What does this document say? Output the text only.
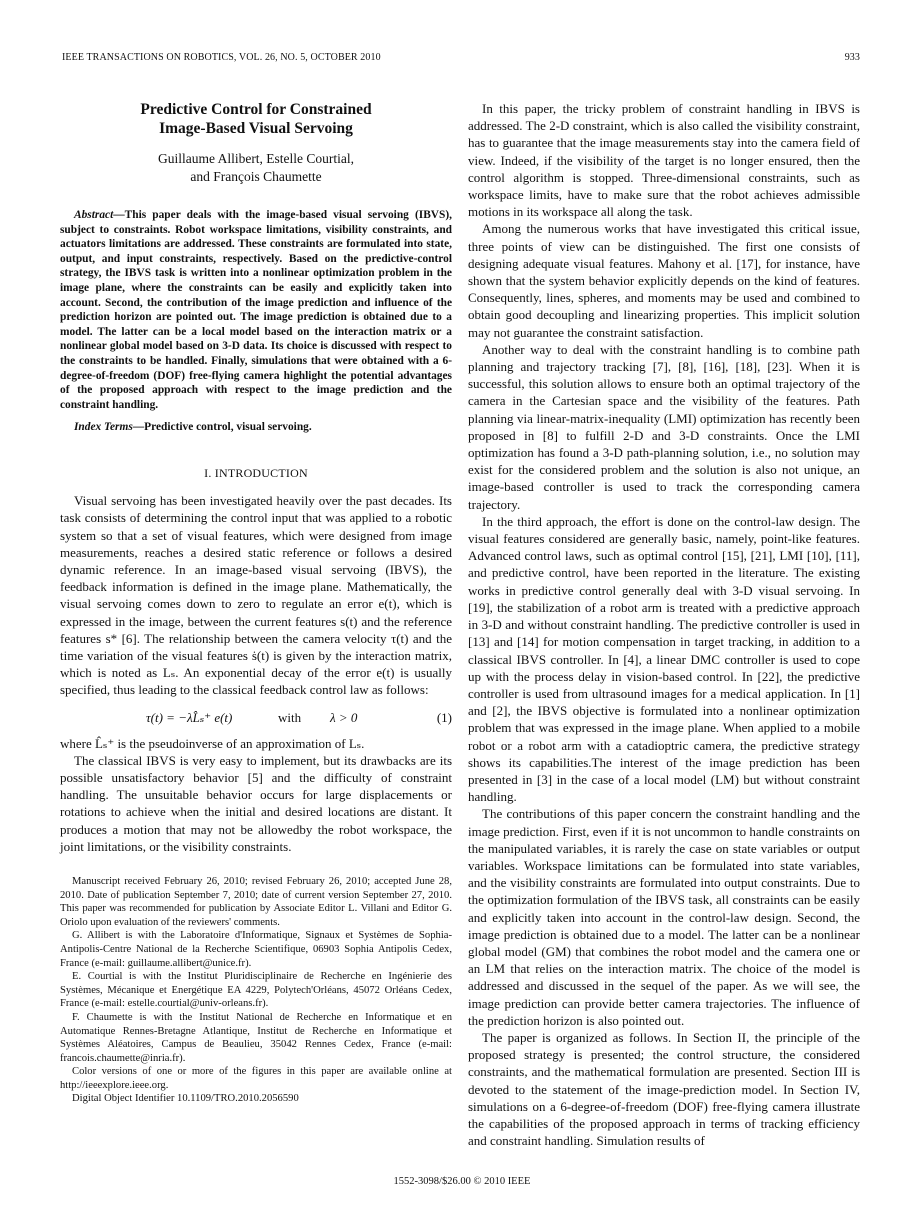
IEEE TRANSACTIONS ON ROBOTICS, VOL. 26, NO. 5, OCTOBER 2010	933
Predictive Control for Constrained
Image-Based Visual Servoing
Guillaume Allibert, Estelle Courtial,
and François Chaumette

Abstract—This paper deals with the image-based visual servoing (IBVS), subject to constraints. Robot workspace limitations, visibility constraints, and actuators limitations are addressed. These constraints are formulated into state, output, and input constraints, respectively. Based on the predictive-control strategy, the IBVS task is written into a nonlinear optimization problem in the image plane, where the constraints can be easily and explicitly taken into account. Second, the contribution of the image prediction and influence of the prediction horizon are pointed out. The image prediction is obtained due to a model. The latter can be a local model based on the interaction matrix or a nonlinear global model based on 3-D data. Its choice is discussed with respect to the constraints to be handled. Finally, simulations that were obtained with a 6-degree-of-freedom (DOF) free-flying camera highlight the potential advantages of the proposed approach with respect to the image prediction and the constraint handling.

Index Terms—Predictive control, visual servoing.

I. INTRODUCTION

Visual servoing has been investigated heavily over the past decades. Its task consists of determining the control input that was applied to a robotic system so that a set of visual features, which were designed from image measurements, reaches a desired static reference or follows a desired dynamic reference. In an image-based visual servoing (IBVS), the feedback information is defined in the image plane. Mathematically, the visual servoing comes down to zero to regulate an error e(t), which is expressed in the image, between the current features s(t) and the reference features s* [6]. The relationship between the camera velocity τ(t) and the time variation of the visual features ṡ(t) is given by the interaction matrix, which is noted as Lₛ. An exponential decay of the error e(t) is usually specified, thus leading to the classical feedback control law as follows:

τ(t) = −λL̂ₛ⁺ e(t)	with λ > 0	(1)

where L̂ₛ⁺ is the pseudoinverse of an approximation of Lₛ.

The classical IBVS is very easy to implement, but its drawbacks are its possible unsatisfactory behavior [5] and the difficulty of constraint handling. The unsuitable behavior occurs for large displacements or rotations to achieve when the initial and desired locations are distant. It produces a motion that may not be allowedby the robot workspace, the joint limitations, or the visibility constraints.

Manuscript received February 26, 2010; revised February 26, 2010; accepted June 28, 2010. Date of publication September 7, 2010; date of current version September 27, 2010. This paper was recommended for publication by Associate Editor L. Villani and Editor G. Oriolo upon evaluation of the reviewers' comments.

G. Allibert is with the Laboratoire d'Informatique, Signaux et Systèmes de Sophia-Antipolis-Centre National de la Recherche Scientifique, 06903 Sophia Antipolis Cedex, France (e-mail: guillaume.allibert@unice.fr).

E. Courtial is with the Institut Pluridisciplinaire de Recherche en Ingénierie des Systèmes, Mécanique et Energétique EA 4229, Polytech'Orléans, 45072 Orléans Cedex, France (e-mail: estelle.courtial@univ-orleans.fr).

F. Chaumette is with the Institut National de Recherche en Informatique et en Automatique Rennes-Bretagne Atlantique, Institut de Recherche en Informatique et Systèmes Aléatoires, Campus de Beaulieu, 35042 Rennes Cedex, France (e-mail: francois.chaumette@inria.fr).

Color versions of one or more of the figures in this paper are available online at http://ieeexplore.ieee.org.

Digital Object Identifier 10.1109/TRO.2010.2056590

In this paper, the tricky problem of constraint handling in IBVS is addressed. The 2-D constraint, which is also called the visibility constraint, has to guarantee that the image measurements stay into the camera field of view. Indeed, if the visibility of the target is no longer ensured, then the control algorithm is stopped. Three-dimensional constraints, such as workspace limits, have to make sure that the robot achieves admissible motions in its workspace all along the task.

Among the numerous works that have investigated this critical issue, three points of view can be distinguished. The first one consists of designing adequate visual features. Mahony et al. [17], for instance, have shown that the system behavior explicitly depends on the kind of features. Consequently, lines, spheres, and moments may be used and combined to obtain good decoupling and linearizing properties. This implicit solution may not guarantee the constraint satisfaction.

Another way to deal with the constraint handling is to combine path planning and trajectory tracking [7], [8], [16], [18], [23]. When it is successful, this solution allows to ensure both an optimal trajectory of the camera in the Cartesian space and the visibility of the features. Path planning via linear-matrix-inequality (LMI) optimization has recently been proposed in [8] to fulfill 2-D and 3-D constraints. Once the LMI optimization has found a 3-D path-planning solution, i.e., no solution may exist for the considered problem and the solution is also not unique, an image-based controller is used to track the corresponding camera trajectory.

In the third approach, the effort is done on the control-law design. The visual features considered are generally basic, namely, point-like features. Advanced control laws, such as optimal control [15], [21], LMI [10], [11], and predictive control, have been reported in the literature. The existing works in predictive control generally deal with 3-D visual servoing. In [19], the stabilization of a robot arm is treated with a predictive approach in 3-D and without constraint handling. The predictive controller is used in [13] and [14] for motion compensation in target tracking, in addition to a classical IBVS controller. In [4], a linear DMC controller is used to cope up with the process delay in vision-based control. In [22], the predictive controller is used from ultrasound images for a medical application. In [1] and [2], the IBVS objective is formulated into a nonlinear optimization problem that was expressed in the image plane. When applied to a mobile robot or a robot arm with a catadioptric camera, the predictive strategy shows its capabilities.The interest of the image prediction has been presented in [3] in the case of a local model (LM) but without constraint handling.

The contributions of this paper concern the constraint handling and the image prediction. First, even if it is not uncommon to handle constraints on the manipulated variables, it is rarely the case on state variables or output variables. Workspace limitations can be formulated into state variables, and the visibility constraints are formulated into output constraints. Due to the optimization formulation of the IBVS task, all constraints can be easily and explicitly taken into account in the control-law design. Second, the image prediction is obtained due to a model. The latter can be a nonlinear global model (GM) that combines the robot model and the camera one or an LM that relies on the interaction matrix. The choice of the model is addressed and discussed in the sequel of the paper. As we will see, the image prediction can provide better camera trajectories. The influence of the prediction horizon is also pointed out.

The paper is organized as follows. In Section II, the principle of the proposed strategy is presented; the control structure, the considered constraints, and the mathematical formulation are presented. Section III is devoted to the statement of the image-prediction model. In Section IV, simulations on a 6-degree-of-freedom (DOF) free-flying camera illustrate the capabilities of the proposed approach in terms of tracking efficiency and constraint handling. Simulation results of

1552-3098/$26.00 © 2010 IEEE
